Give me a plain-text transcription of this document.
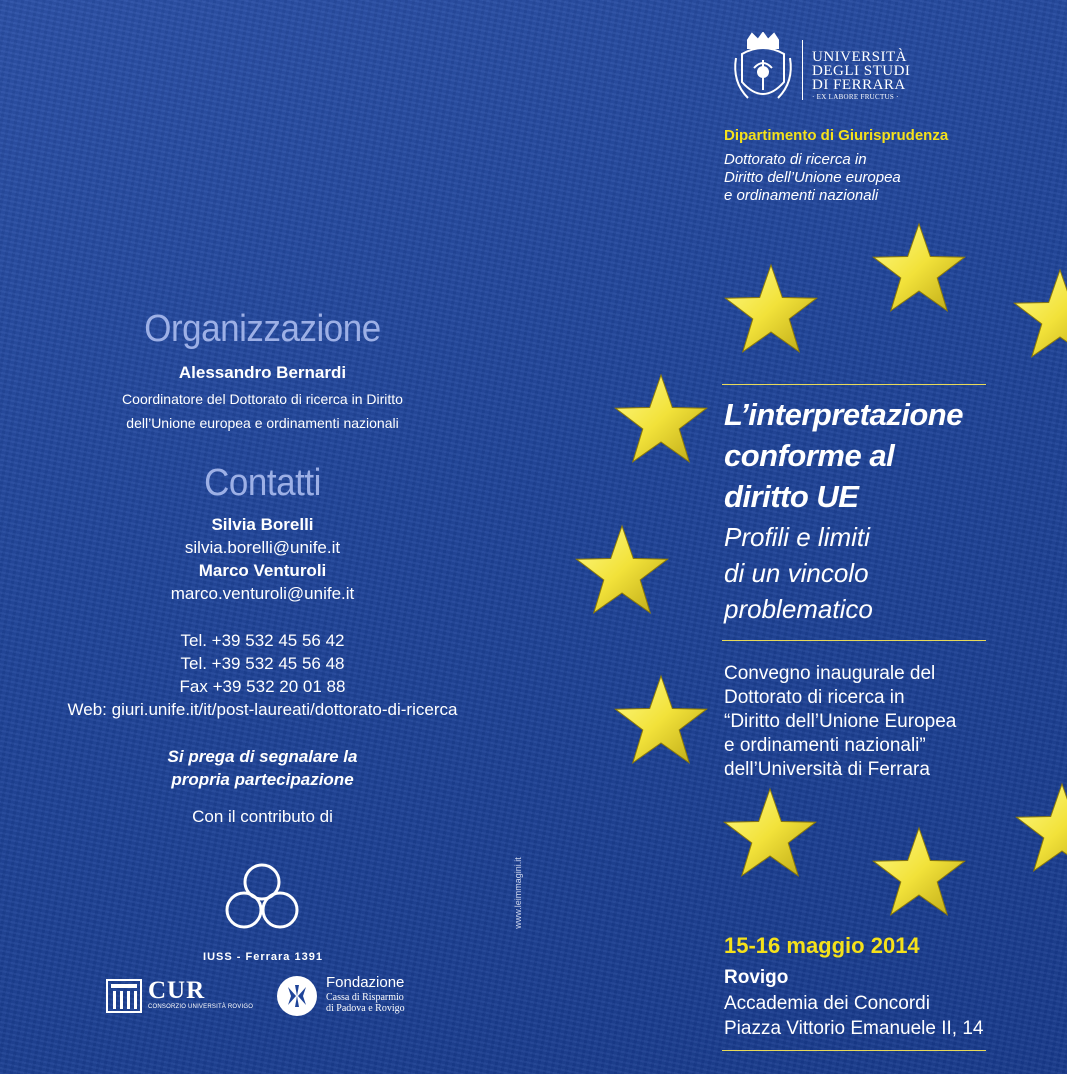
Organizzazione
Alessandro Bernardi
Coordinatore del Dottorato di ricerca in Diritto
dell’Unione europea e ordinamenti nazionali
Contatti
Silvia Borelli
silvia.borelli@unife.it
Marco Venturoli
marco.venturoli@unife.it
Tel. +39 532 45 56 42
Tel. +39 532 45 56 48
Fax +39 532 20 01 88
Web: giuri.unife.it/it/post-laureati/dottorato-di-ricerca
Si prega di segnalare la
propria partecipazione
Con il contributo di
IUSS - Ferrara 1391
CUR
CONSORZIO UNIVERSITÀ ROVIGO
Fondazione
Cassa di Risparmio
di Padova e Rovigo
www.leimmagini.it
UNIVERSITÀ
DEGLI STUDI
DI FERRARA
· EX LABORE FRUCTUS ·
Dipartimento di Giurisprudenza
Dottorato di ricerca in
Diritto dell’Unione europea
e ordinamenti nazionali
L’interpretazione
conforme al
diritto UE
Profili e limiti
di un vincolo
problematico
Convegno inaugurale del
Dottorato di ricerca in
“Diritto dell’Unione Europea
e ordinamenti nazionali”
dell’Università di Ferrara
15-16 maggio 2014
Rovigo
Accademia dei Concordi
Piazza Vittorio Emanuele II, 14
